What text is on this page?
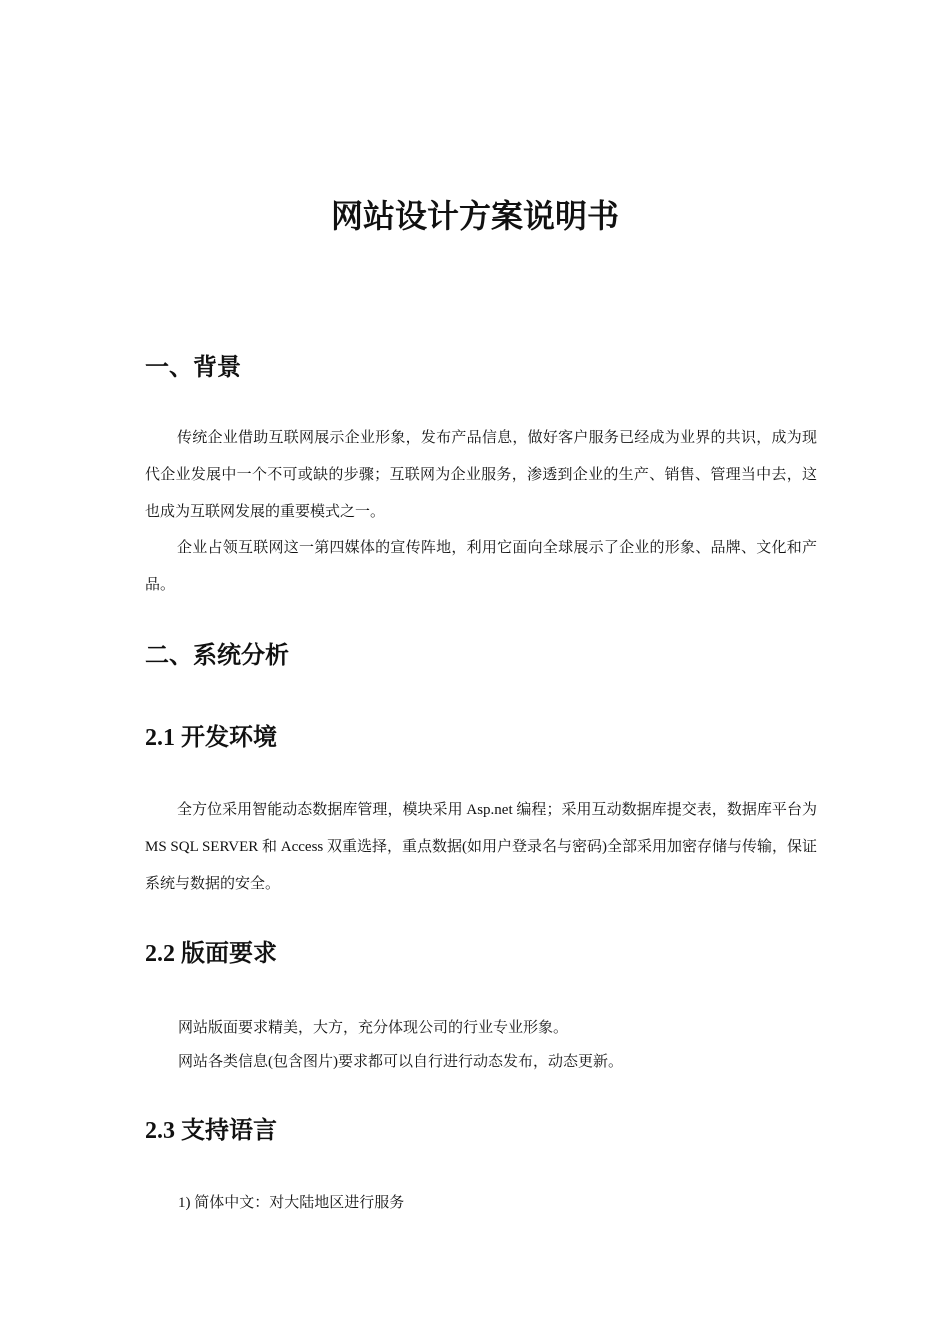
网站设计方案说明书
一、背景

传统企业借助互联网展示企业形象，发布产品信息，做好客户服务已经成为业界的共识，成为现代企业发展中一个不可或缺的步骤；互联网为企业服务，渗透到企业的生产、销售、管理当中去，这也成为互联网发展的重要模式之一。

企业占领互联网这一第四媒体的宣传阵地，利用它面向全球展示了企业的形象、品牌、文化和产品。

二、系统分析
2.1 开发环境

全方位采用智能动态数据库管理，模块采用 Asp.net 编程；采用互动数据库提交表，数据库平台为 MS SQL SERVER 和 Access 双重选择，重点数据(如用户登录名与密码)全部采用加密存储与传输，保证系统与数据的安全。

2.2 版面要求

网站版面要求精美，大方，充分体现公司的行业专业形象。

网站各类信息(包含图片)要求都可以自行进行动态发布，动态更新。

2.3 支持语言

1) 简体中文：对大陆地区进行服务
